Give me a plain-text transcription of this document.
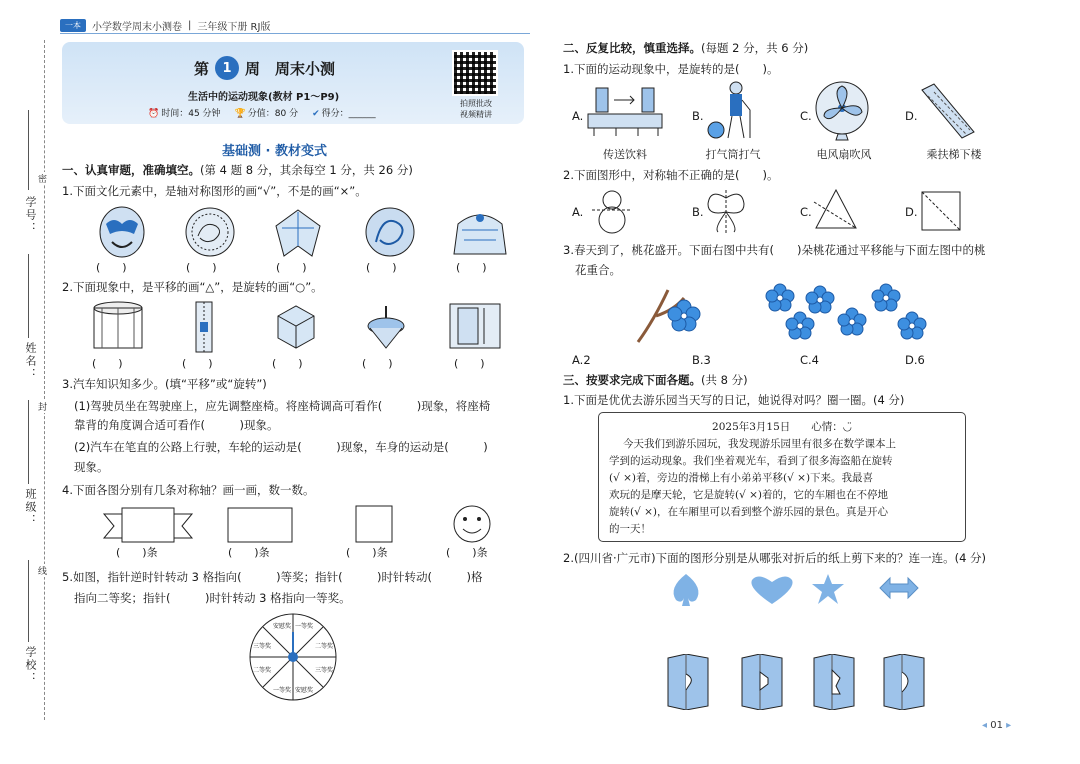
学号：
姓名：
班级：
学校：
密
封
线
一本	小学数学周末小测卷 | 三年级下册 RJ版
第	1 周　周末小测
生活中的运动现象(教材 P1～P9)
⏰ 时间：45 分钟 🏆 分值：80 分 ✔ 得分：______
拍照批改
视频精讲
基础测 · 教材变式
一、认真审题，准确填空。(第 4 题 8 分，其余每空 1 分，共 26 分)
1.下面文化元素中，是轴对称图形的画“√”，不是的画“×”。
(　　)	(　　)	(　　)	(　　)	(　　)
2.下面现象中，是平移的画“△”，是旋转的画“○”。
(　　)	(　　)	(　　)	(　　)	(　　)
3.汽车知识知多少。(填“平移”或“旋转”)
(1)驾驶员坐在驾驶座上，应先调整座椅。将座椅调高可看作(　　　)现象，将座椅
靠背的角度调合适可看作(　　　)现象。
(2)汽车在笔直的公路上行驶，车轮的运动是(　　　)现象，车身的运动是(　　　)
现象。
4.下面各图分别有几条对称轴？画一画，数一数。
(　　)条	(　　)条	(　　)条	(　　)条
5.如图，指针逆时针转动 3 格指向(　　　)等奖；指针(　　　)时针转动(　　　)格
指向二等奖；指针(　　　)时针转动 3 格指向一等奖。
一等奖
二等奖
三等奖
安慰奖
一等奖
二等奖
三等奖
安慰奖
二、反复比较，慎重选择。(每题 2 分，共 6 分)
1.下面的运动现象中，是旋转的是(　　)。
A.	B.	C.	D.
传送饮料	打气筒打气	电风扇吹风	乘扶梯下楼
2.下面图形中，对称轴不正确的是(　　)。
A.	B.	C.	D.
3.春天到了，桃花盛开。下面右图中共有(　　)朵桃花通过平移能与下面左图中的桃
花重合。
A.2	B.3	C.4	D.6
三、按要求完成下面各题。(共 8 分)
1.下面是优优去游乐园当天写的日记，她说得对吗？圈一圈。(4 分)
2025年3月15日　　心情：◡̈
今天我们到游乐园玩，我发现游乐园里有很多在数学课本上
学到的运动现象。我们坐着观光车，看到了很多海盗船在旋转
(√ ×)着，旁边的滑梯上有小弟弟平移(√ ×)下来。我最喜
欢玩的是摩天轮，它是旋转(√ ×)着的，它的车厢也在不停地
旋转(√ ×)，在车厢里可以看到整个游乐园的景色。真是开心
的一天！
2.(四川省·广元市)下面的图形分别是从哪张对折后的纸上剪下来的？连一连。(4 分)
◂ 01 ▸
